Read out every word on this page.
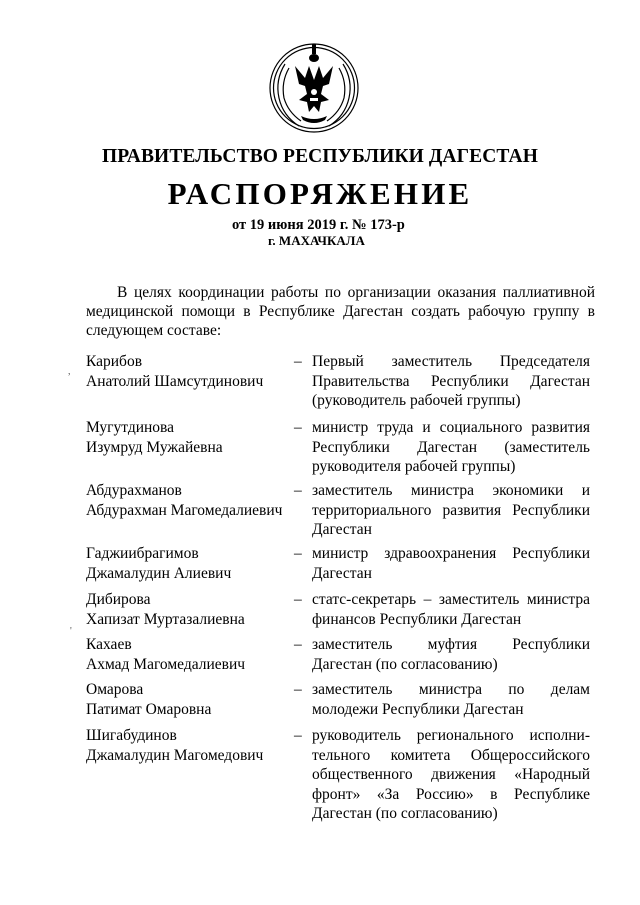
ПРАВИТЕЛЬСТВО РЕСПУБЛИКИ ДАГЕСТАН
РАСПОРЯЖЕНИЕ
от 19 июня 2019 г. № 173-р
г. МАХАЧКАЛА

В целях координации работы по организации оказания паллиативной медицинской помощи в Республике Дагестан создать рабочую группу в следующем составе:

Карибов
Анатолий Шамсутдинович
– Первый заместитель Председателя Правительства Республики Дагестан (руководитель рабочей группы)
Мугутдинова
Изумруд Мужайевна
– министр труда и социального развития Республики Дагестан (заместитель руководителя рабочей группы)
Абдурахманов
Абдурахман Магомедалиевич
– заместитель министра экономики и территориального развития Республики Дагестан
Гаджиибрагимов
Джамалудин Алиевич
– министр здравоохранения Республики Дагестан
Дибирова
Хапизат Муртазалиевна
– статс-секретарь – заместитель министра финансов Республики Дагестан
Кахаев
Ахмад Магомедалиевич
– заместитель муфтия Республики Дагестан (по согласованию)
Омарова
Патимат Омаровна
– заместитель министра по делам молодежи Республики Дагестан
Шигабудинов
Джамалудин Магомедович
– руководитель регионального исполни- тельного комитета Общероссийского общественного движения «Народный фронт» «За Россию» в Республике Дагестан (по согласованию)
,
'
